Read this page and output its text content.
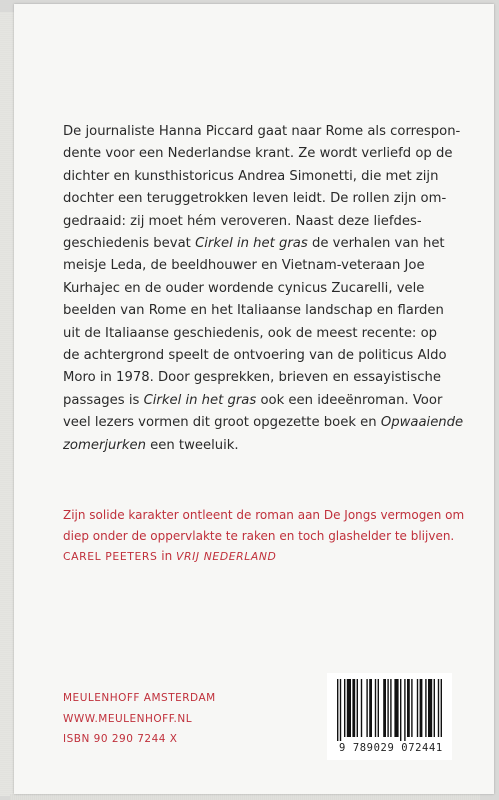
De journaliste Hanna Piccard gaat naar Rome als correspon-
dente voor een Nederlandse krant. Ze wordt verliefd op de
dichter en kunsthistoricus Andrea Simonetti, die met zijn
dochter een teruggetrokken leven leidt. De rollen zijn om-
gedraaid: zij moet hém veroveren. Naast deze liefdes-
geschiedenis bevat Cirkel in het gras de verhalen van het
meisje Leda, de beeldhouwer en Vietnam-veteraan Joe
Kurhajec en de ouder wordende cynicus Zucarelli, vele
beelden van Rome en het Italiaanse landschap en flarden
uit de Italiaanse geschiedenis, ook de meest recente: op
de achtergrond speelt de ontvoering van de politicus Aldo
Moro in 1978. Door gesprekken, brieven en essayistische
passages is Cirkel in het gras ook een ideeënroman. Voor
veel lezers vormen dit groot opgezette boek en Opwaaiende
zomerjurken een tweeluik.
Zijn solide karakter ontleent de roman aan De Jongs vermogen om
diep onder de oppervlakte te raken en toch glashelder te blijven.
CAREL PEETERS in VRIJ NEDERLAND
MEULENHOFF AMSTERDAM
WWW.MEULENHOFF.NL
ISBN 90 290 7244 X
9 789029 072441
